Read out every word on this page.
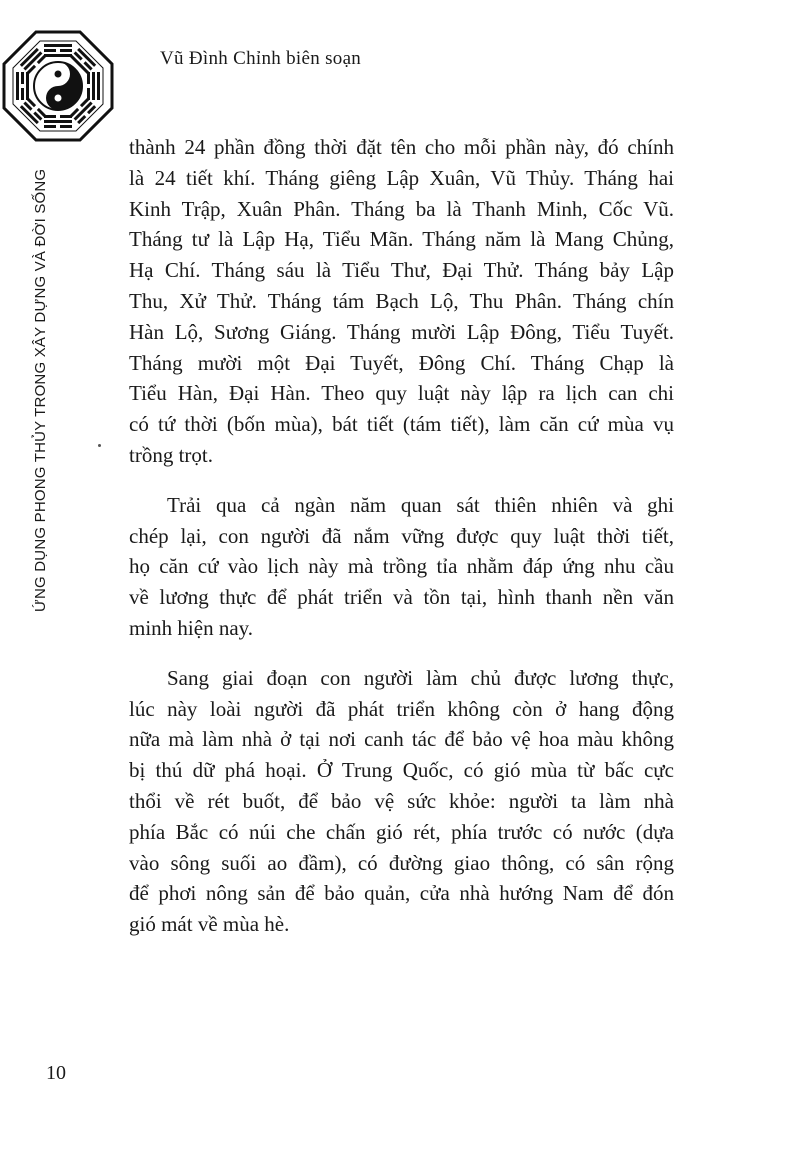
Vũ Đình Chỉnh biên soạn
ỨNG DỤNG PHONG THỦY TRONG XÂY DỰNG VÀ ĐỜI SỐNG
thành 24 phần đồng thời đặt tên cho mỗi phần này, đó chính
là 24 tiết khí. Tháng giêng Lập Xuân, Vũ Thủy. Tháng hai
Kinh Trập, Xuân Phân. Tháng ba là Thanh Minh, Cốc Vũ.
Tháng tư là Lập Hạ, Tiểu Mãn. Tháng năm là Mang Chủng,
Hạ Chí. Tháng sáu là Tiểu Thư, Đại Thử. Tháng bảy Lập
Thu, Xử Thử. Tháng tám Bạch Lộ, Thu Phân. Tháng chín
Hàn Lộ, Sương Giáng. Tháng mười Lập Đông, Tiểu Tuyết.
Tháng mười một Đại Tuyết, Đông Chí. Tháng Chạp là
Tiểu Hàn, Đại Hàn. Theo quy luật này lập ra lịch can chi
có tứ thời (bốn mùa), bát tiết (tám tiết), làm căn cứ mùa vụ
trồng trọt.
Trải qua cả ngàn năm quan sát thiên nhiên và ghi
chép lại, con người đã nắm vững được quy luật thời tiết,
họ căn cứ vào lịch này mà trồng tỉa nhằm đáp ứng nhu cầu
về lương thực để phát triển và tồn tại, hình thanh nền văn
minh hiện nay.
Sang giai đoạn con người làm chủ được lương thực,
lúc này loài người đã phát triển không còn ở hang động
nữa mà làm nhà ở tại nơi canh tác để bảo vệ hoa màu không
bị thú dữ phá hoại. Ở Trung Quốc, có gió mùa từ bấc cực
thổi về rét buốt, để bảo vệ sức khỏe: người ta làm nhà
phía Bắc có núi che chấn gió rét, phía trước có nước (dựa
vào sông suối ao đầm), có đường giao thông, có sân rộng
để phơi nông sản để bảo quản, cửa nhà hướng Nam để đón
gió mát về mùa hè.
10
